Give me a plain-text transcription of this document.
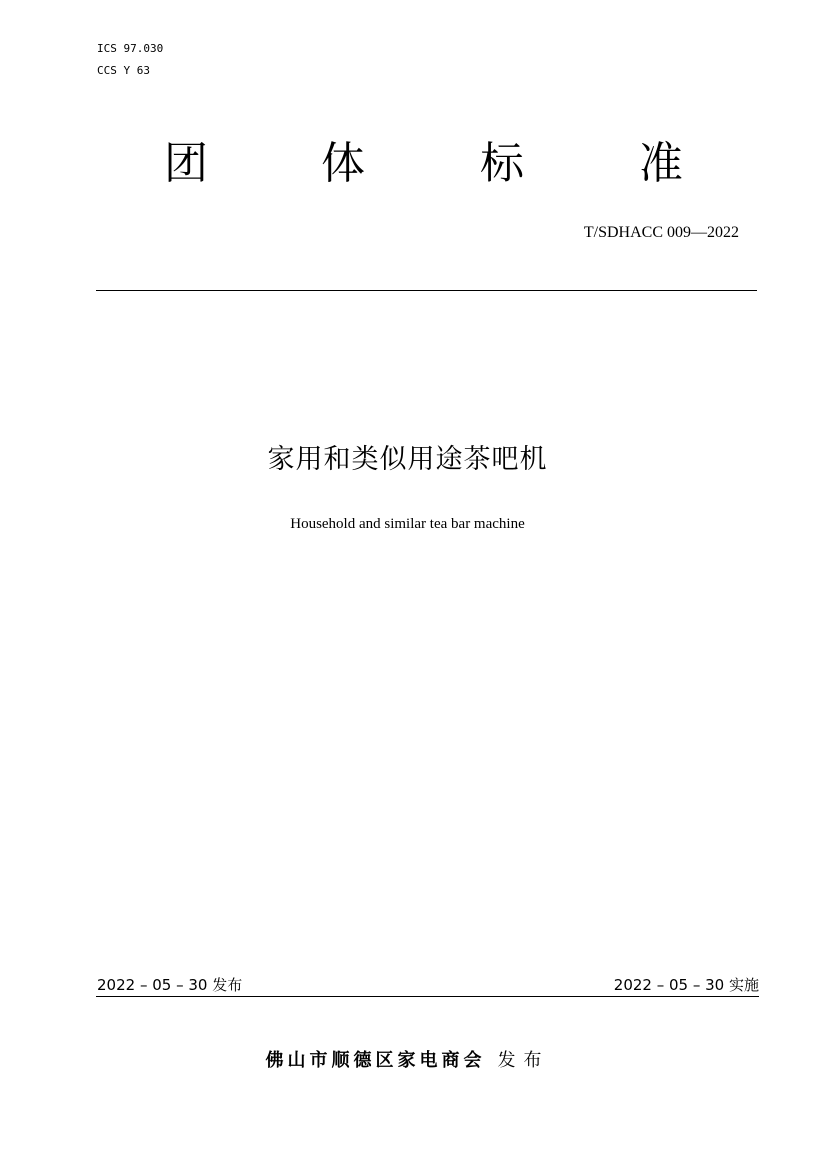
ICS 97.030
CCS Y 63
团	体	标	准
T/SDHACC 009—2022
家用和类似用途茶吧机
Household and similar tea bar machine
2022 – 05 – 30 发布	2022 – 05 – 30 实施
佛山市顺德区家电商会 发布
